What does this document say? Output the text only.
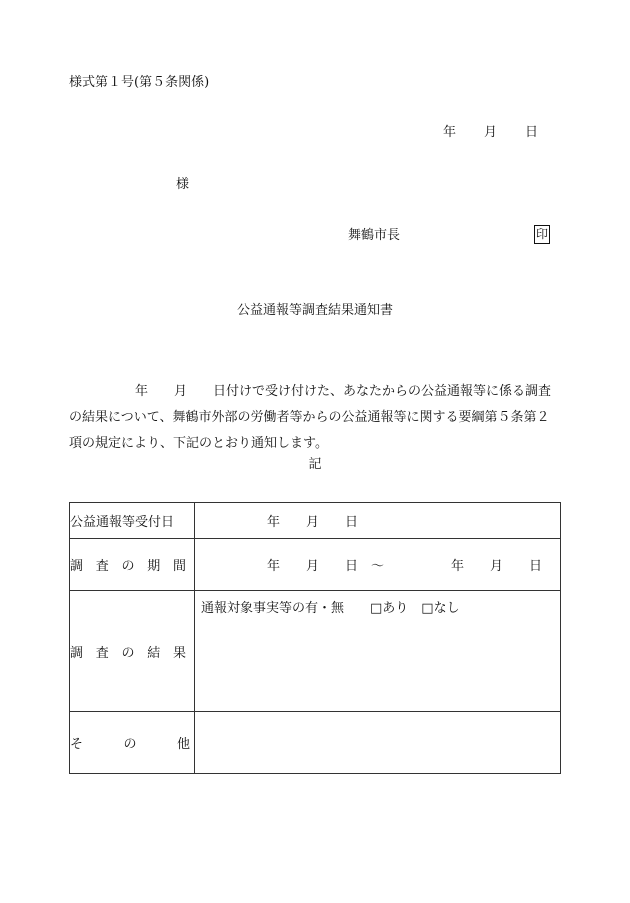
様式第１号(第５条関係)
年 月 日
様
舞鶴市長	印
公益通報等調査結果通知書
年　　月　　日付けで受け付けた、あなたからの公益通報等に係る調査
の結果について、舞鶴市外部の労働者等からの公益通報等に関する要綱第５条第２
項の規定により、下記のとおり通知します。
記
公益通報等受付日	年　　月　　日

調 査 の 期 間	年　　月　　日　～ 年　　月　　日

調 査 の 結 果	通報対象事実等の有・無　　□あり　□なし

そ の 他	
